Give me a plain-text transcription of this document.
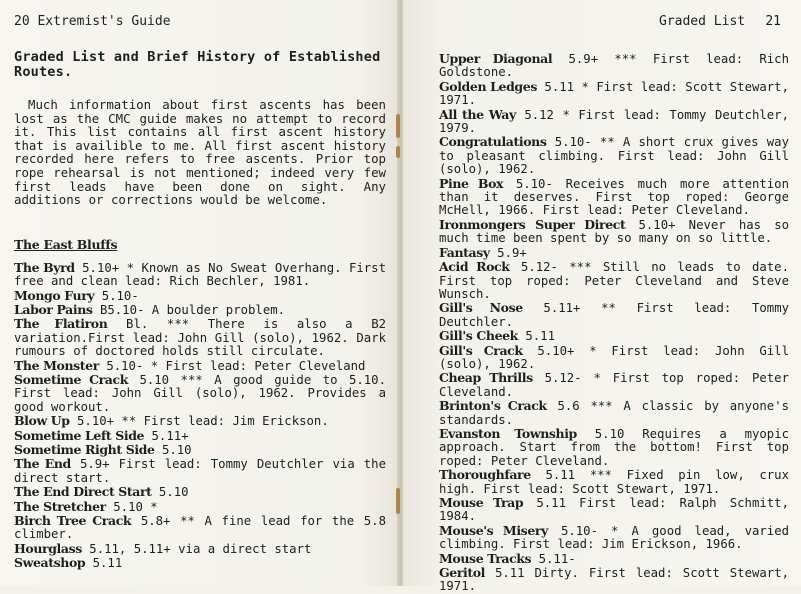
20 Extremist's Guide
Graded List and Brief History of Established Routes.
Much information about first ascents has been lost as the CMC guide makes no attempt to record it. This list contains all first ascent history that is availible to me. All first ascent history recorded here refers to free ascents. Prior top rope rehearsal is not mentioned; indeed very few first leads have been done on sight. Any additions or corrections would be welcome.
The East Bluffs
The Byrd 5.10+ * Known as No Sweat Overhang. First free and clean lead: Rich Bechler, 1981.
Mongo Fury 5.10-
Labor Pains B5.10- A boulder problem.
The Flatiron Bl. *** There is also a B2 variation.First lead: John Gill (solo), 1962. Dark rumours of doctored holds still circulate.
The Monster 5.10- * First lead: Peter Cleveland
Sometime Crack 5.10 *** A good guide to 5.10. First lead: John Gill (solo), 1962. Provides a good workout.
Blow Up 5.10+ ** First lead: Jim Erickson.
Sometime Left Side 5.11+
Sometime Right Side 5.10
The End 5.9+ First lead: Tommy Deutchler via the direct start.
The End Direct Start 5.10
The Stretcher 5.10 *
Birch Tree Crack 5.8+ ** A fine lead for the 5.8 climber.
Hourglass 5.11, 5.11+ via a direct start
Sweatshop 5.11
Graded List 21
Upper Diagonal 5.9+ *** First lead: Rich Goldstone.
Golden Ledges 5.11 * First lead: Scott Stewart, 1971.
All the Way 5.12 * First lead: Tommy Deutchler, 1979.
Congratulations 5.10- ** A short crux gives way to pleasant climbing. First lead: John Gill (solo), 1962.
Pine Box 5.10- Receives much more attention than it deserves. First top roped: George McHell, 1966. First lead: Peter Cleveland.
Ironmongers Super Direct 5.10+ Never has so much time been spent by so many on so little.
Fantasy 5.9+
Acid Rock 5.12- *** Still no leads to date. First top roped: Peter Cleveland and Steve Wunsch.
Gill's Nose 5.11+ ** First lead: Tommy Deutchler.
Gill's Cheek 5.11
Gill's Crack 5.10+ * First lead: John Gill (solo), 1962.
Cheap Thrills 5.12- * First top roped: Peter Cleveland.
Brinton's Crack 5.6 *** A classic by anyone's standards.
Evanston Township 5.10 Requires a myopic approach. Start from the bottom! First top roped: Peter Cleveland.
Thoroughfare 5.11 *** Fixed pin low, crux high. First lead: Scott Stewart, 1971.
Mouse Trap 5.11 First lead: Ralph Schmitt, 1984.
Mouse's Misery 5.10- * A good lead, varied climbing. First lead: Jim Erickson, 1966.
Mouse Tracks 5.11-
Geritol 5.11 Dirty. First lead: Scott Stewart, 1971.
